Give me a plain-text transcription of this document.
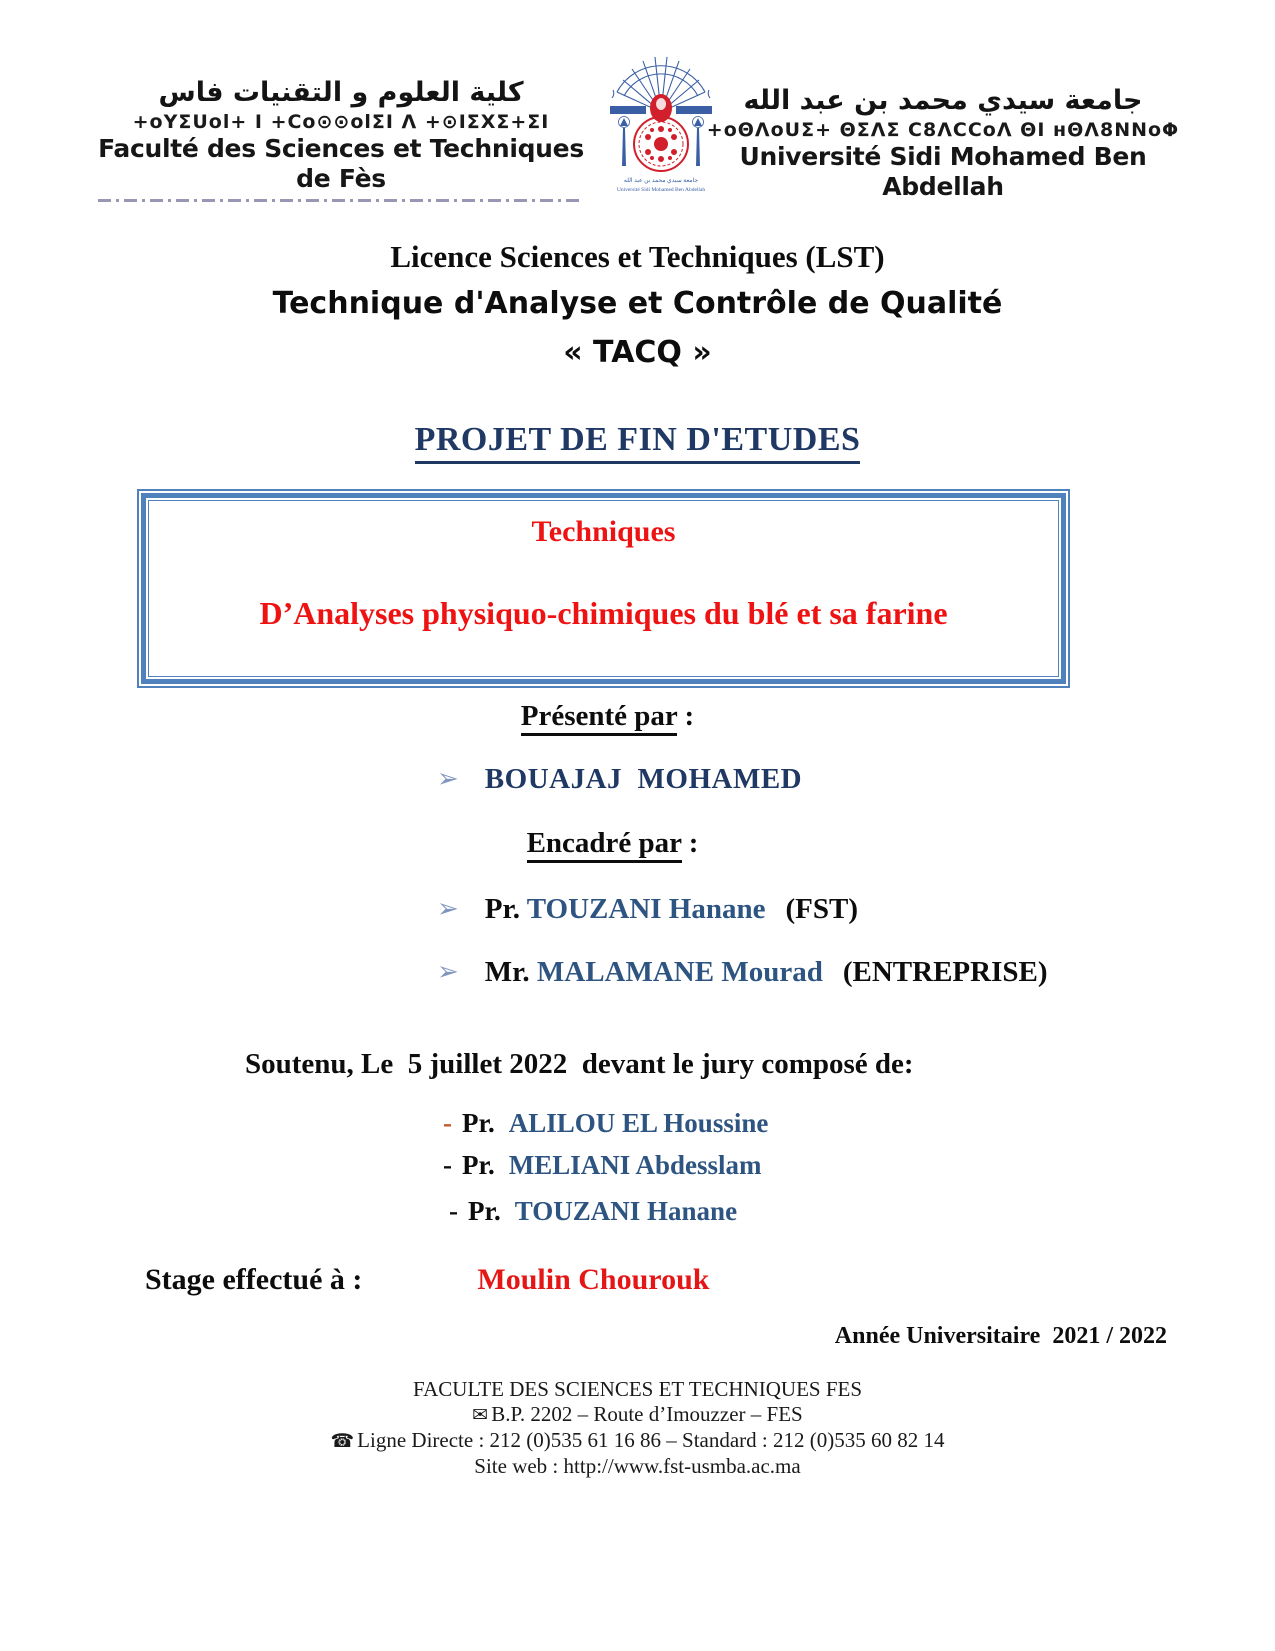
كلية العلوم و التقنيات فاس
+oYΣUol+ I +Co⊙⊙olΣI Λ +⊙IΣXΣ+ΣI
Faculté des Sciences et Techniques de Fès	جامعة سيدي محمد بن عبد الله
Université Sidi Mohamed Ben Abdellah
جامعة سيدي محمد بن عبد الله
+oΘΛoUΣ+ ΘΣΛΣ C8ΛCCoΛ ΘI ʜΘΛ8NNoΦ
Université Sidi Mohamed Ben Abdellah
Licence Sciences et Techniques (LST)
Technique d'Analyse et Contrôle de Qualité
« TACQ »
PROJET DE FIN D'ETUDES
Techniques
D’Analyses physiquo-chimiques du blé et sa farine
Présenté par :
➢ BOUAJAJ  MOHAMED
Encadré par :
➢ Pr. TOUZANI Hanane (FST)
➢ Mr. MALAMANE Mourad (ENTREPRISE)
Soutenu, Le  5 juillet 2022  devant le jury composé de:
- Pr. ALILOU EL Houssine
- Pr. MELIANI Abdesslam
- Pr. TOUZANI Hanane
Stage effectué à :	Moulin Chourouk
Année Universitaire  2021 / 2022
FACULTE DES SCIENCES ET TECHNIQUES FES
✉ B.P. 2202 – Route d’Imouzzer – FES
☎ Ligne Directe : 212 (0)535 61 16 86 – Standard : 212 (0)535 60 82 14
Site web : http://www.fst-usmba.ac.ma
